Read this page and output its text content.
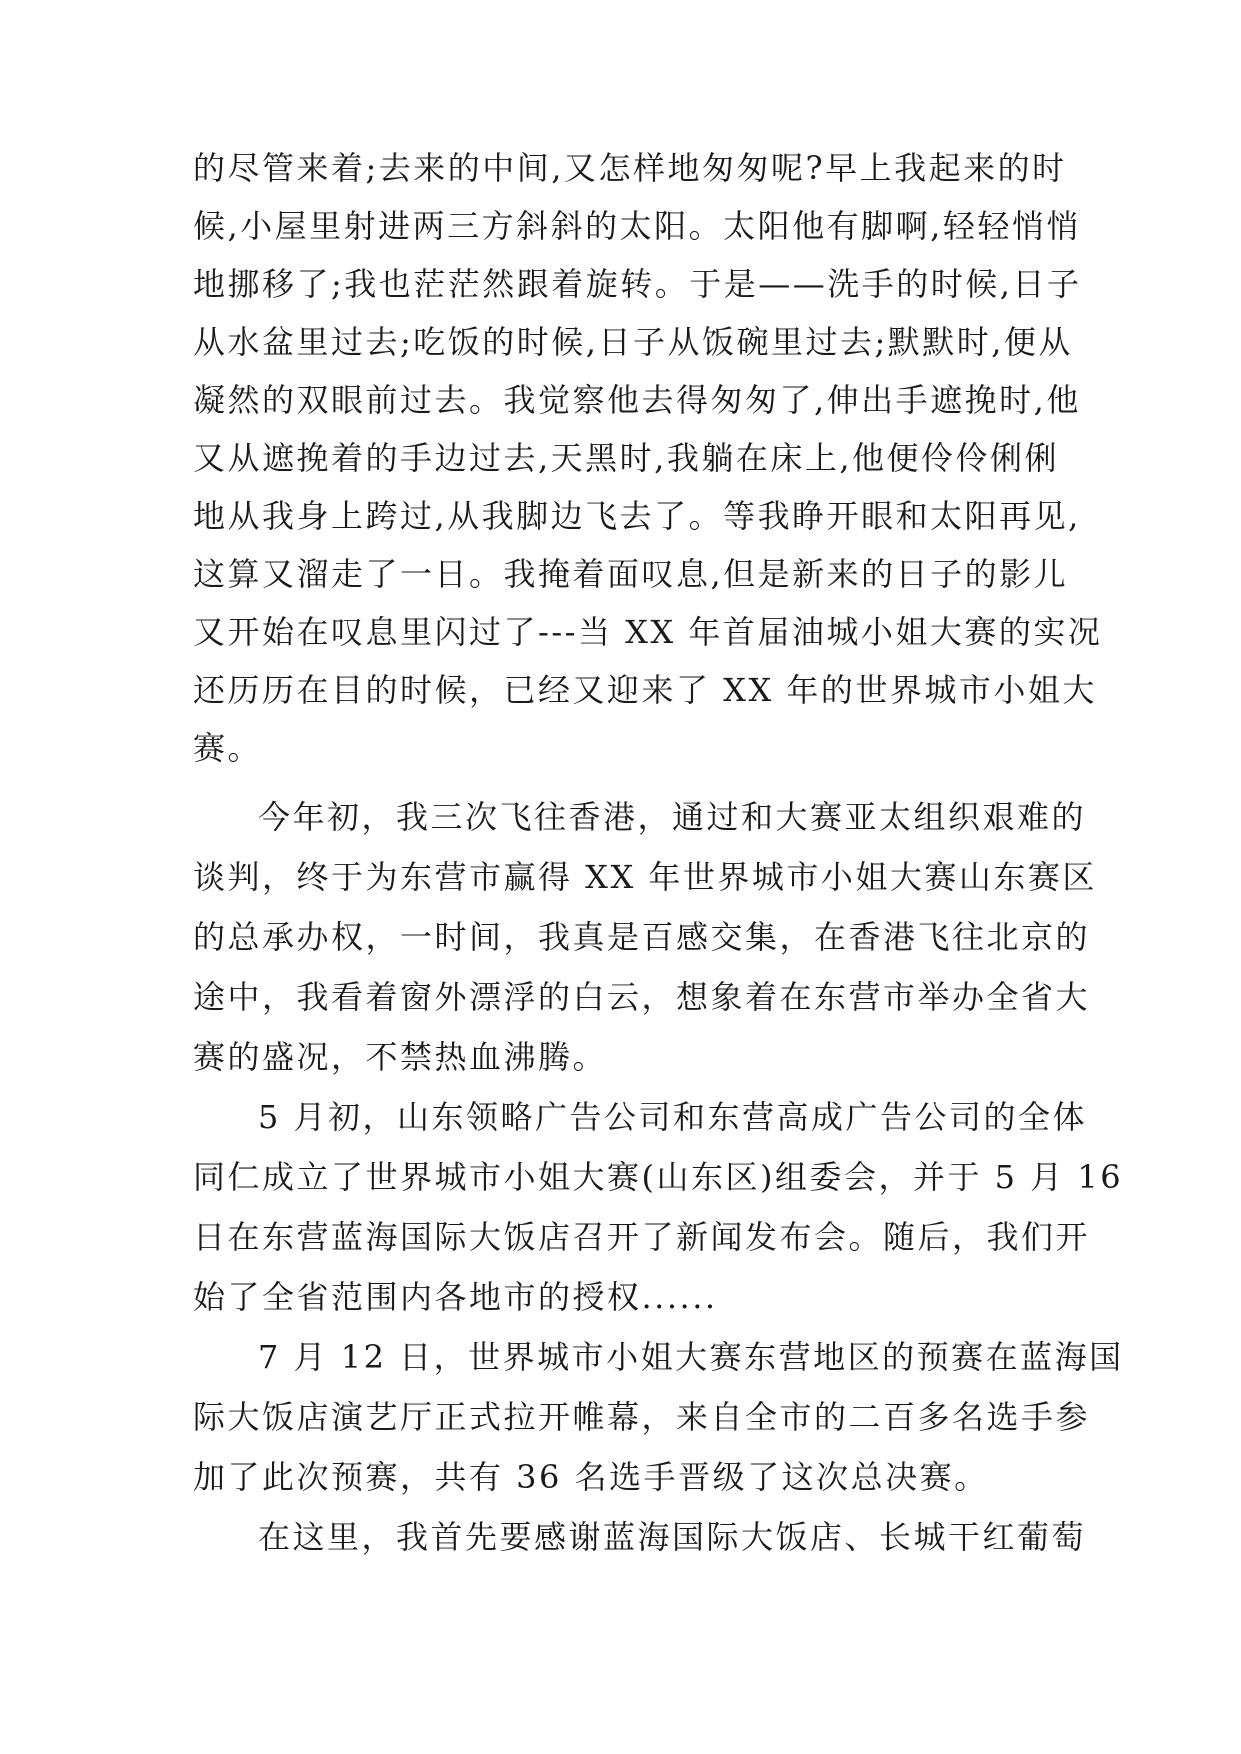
的尽管来着;去来的中间,又怎样地匆匆呢?早上我起来的时
候,小屋里射进两三方斜斜的太阳。太阳他有脚啊,轻轻悄悄
地挪移了;我也茫茫然跟着旋转。于是——洗手的时候,日子
从水盆里过去;吃饭的时候,日子从饭碗里过去;默默时,便从
凝然的双眼前过去。我觉察他去得匆匆了,伸出手遮挽时,他
又从遮挽着的手边过去,天黑时,我躺在床上,他便伶伶俐俐
地从我身上跨过,从我脚边飞去了。等我睁开眼和太阳再见,
这算又溜走了一日。我掩着面叹息,但是新来的日子的影儿
又开始在叹息里闪过了---当 XX 年首届油城小姐大赛的实况
还历历在目的时候，已经又迎来了 XX 年的世界城市小姐大
赛。
今年初，我三次飞往香港，通过和大赛亚太组织艰难的
谈判，终于为东营市赢得 XX 年世界城市小姐大赛山东赛区
的总承办权，一时间，我真是百感交集，在香港飞往北京的
途中，我看着窗外漂浮的白云，想象着在东营市举办全省大
赛的盛况，不禁热血沸腾。
5 月初，山东领略广告公司和东营高成广告公司的全体
同仁成立了世界城市小姐大赛(山东区)组委会，并于 5 月 16
日在东营蓝海国际大饭店召开了新闻发布会。随后，我们开
始了全省范围内各地市的授权......
7 月 12 日，世界城市小姐大赛东营地区的预赛在蓝海国
际大饭店演艺厅正式拉开帷幕，来自全市的二百多名选手参
加了此次预赛，共有 36 名选手晋级了这次总决赛。
在这里，我首先要感谢蓝海国际大饭店、长城干红葡萄
